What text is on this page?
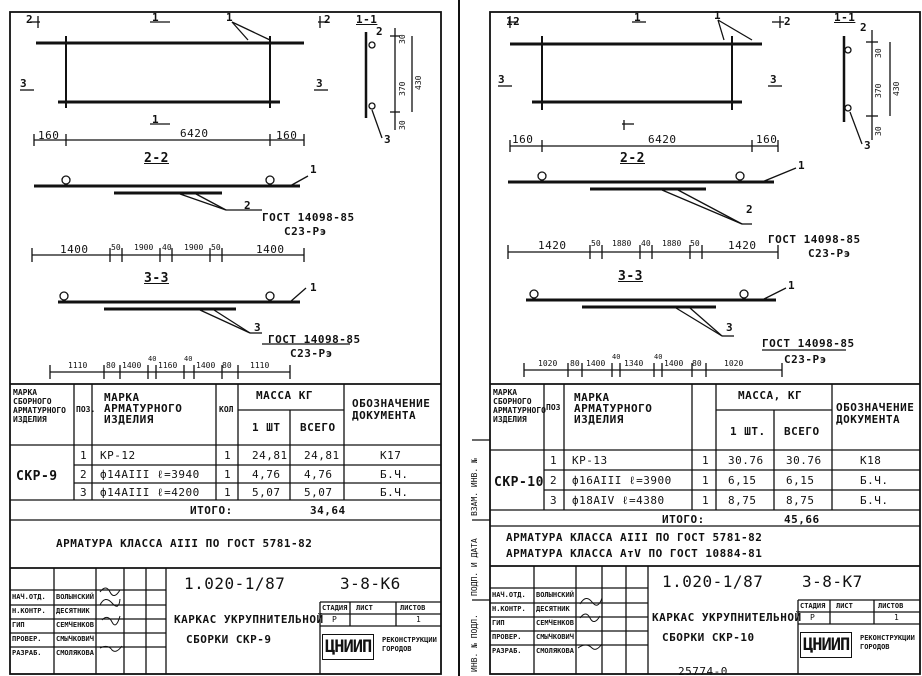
2	1	2
1
3	3
1
160	6420	160
1-1
2
3
30
370 430
30
2-2
1
2
ГОСТ 14098-85
С23-Рэ
1400	50 1900 40 1900 50	1400
3-3
1
3
ГОСТ 14098-85
С23-Рэ
1110 80 1400
40
1160
40
1400 80 1110
МАРКА СБОРНОГО АРМАТУРНОГО ИЗДЕЛИЯ
ПОЗ.
МАРКА АРМАТУРНОГО ИЗДЕЛИЯ
КОЛ
МАССА КГ
1 ШТ ВСЕГО
ОБОЗНАЧЕНИЕ ДОКУМЕНТА
СКР-9
1 КР-12	1 24,81 24,81	К17
2 ф14АIII ℓ=3940 1 4,76 4,76	Б.Ч.
3 ф14АIII ℓ=4200 1 5,07 5,07	Б.Ч.
ИТОГО:	34,64
АРМАТУРА КЛАССА АIII ПО ГОСТ 5781-82
1.020-1/87	3-8-K6
КАРКАС УКРУПНИТЕЛЬНОЙ
СБОРКИ СКР-9
СТАДИЯ ЛИСТ	ЛИСТОВ
Р	1
ЦНИИП	РЕКОНСТРУКЦИИ ГОРОДОВ
НАЧ.ОТД. ВОЛЫНСКИЙ
Н.КОНТР. ДЕСЯТНИК
ГИП	СЕМЧЕНКОВ
ПРОВЕР. СМЫЧКОВИЧ
РАЗРАБ. СМОЛЯКОВА
ВЗАМ. ИНВ. №
ПОДП. И ДАТА
ИНВ. № ПОДЛ.
12	1	2
1
3	3
160	6420	160
1-1
2
3
30
370 430
30
2-2	1
2
ГОСТ 14098-85
С23-Рэ
1420	50 1880 40 1880 50	1420
3-3
1
3
ГОСТ 14098-85
С23-Рэ
1020 80 1400
40
1340
40
1400 80	1020
МАРКА СБОРНОГО АРМАТУРНОГО ИЗДЕЛИЯ
ПОЗ
МАРКА АРМАТУРНОГО ИЗДЕЛИЯ
МАССА, КГ
1 ШТ. ВСЕГО
ОБОЗНАЧЕНИЕ ДОКУМЕНТА
СКР-10
1 КР-13	1 30.76 30.76	К18
2 ф16АIII ℓ=3900	1 6,15	6,15	Б.Ч.
3 ф18АIV ℓ=4380	1 8,75	8,75	Б.Ч.
ИТОГО:	45,66
АРМАТУРА КЛАССА АIII ПО ГОСТ 5781-82
АРМАТУРА КЛАССА АтV ПО ГОСТ 10884-81
1.020-1/87 3-8-К7
КАРКАС УКРУПНИТЕЛЬНОЙ
СБОРКИ СКР-10
СТАДИЯ ЛИСТ	ЛИСТОВ
Р	1
ЦНИИП	РЕКОНСТРУКЦИИ ГОРОДОВ
НАЧ.ОТД. ВОЛЫНСКИЙ
Н.КОНТР. ДЕСЯТНИК
ГИП	СЕМЧЕНКОВ
ПРОВЕР. СМЫЧКОВИЧ
РАЗРАБ. СМОЛЯКОВА
25774-0
